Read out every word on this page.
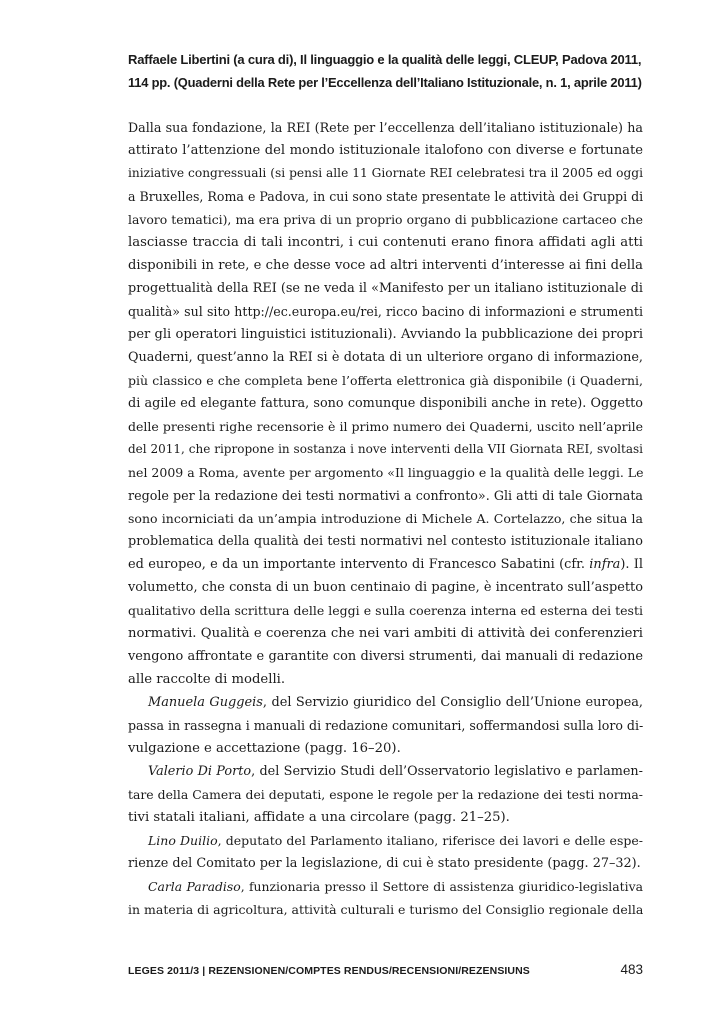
Raffaele Libertini (a cura di), Il linguaggio e la qualità delle leggi, CLEUP, Padova 2011,
114 pp. (Quaderni della Rete per l’Eccellenza dell’Italiano Istituzionale, n. 1, aprile 2011)
Dalla sua fondazione, la REI (Rete per l’eccellenza dell’italiano istituzionale) ha
attirato l’attenzione del mondo istituzionale italofono con diverse e fortunate
iniziative congressuali (si pensi alle 11 Giornate REI celebratesi tra il 2005 ed oggi
a Bruxelles, Roma e Padova, in cui sono state presentate le attività dei Gruppi di
lavoro tematici), ma era priva di un proprio organo di pubblicazione cartaceo che
lasciasse traccia di tali incontri, i cui contenuti erano finora affidati agli atti
disponibili in rete, e che desse voce ad altri interventi d’interesse ai fini della
progettualità della REI (se ne veda il «Manifesto per un italiano istituzionale di
qualità» sul sito http://ec.europa.eu/rei, ricco bacino di informazioni e strumenti
per gli operatori linguistici istituzionali). Avviando la pubblicazione dei propri
Quaderni, quest’anno la REI si è dotata di un ulteriore organo di informazione,
più classico e che completa bene l’offerta elettronica già disponibile (i Quaderni,
di agile ed elegante fattura, sono comunque disponibili anche in rete). Oggetto
delle presenti righe recensorie è il primo numero dei Quaderni, uscito nell’aprile
del 2011, che ripropone in sostanza i nove interventi della VII Giornata REI, svoltasi
nel 2009 a Roma, avente per argomento «Il linguaggio e la qualità delle leggi. Le
regole per la redazione dei testi normativi a confronto». Gli atti di tale Giornata
sono incorniciati da un’ampia introduzione di Michele A. Cortelazzo, che situa la
problematica della qualità dei testi normativi nel contesto istituzionale italiano
ed europeo, e da un importante intervento di Francesco Sabatini (cfr. infra). Il
volumetto, che consta di un buon centinaio di pagine, è incentrato sull’aspetto
qualitativo della scrittura delle leggi e sulla coerenza interna ed esterna dei testi
normativi. Qualità e coerenza che nei vari ambiti di attività dei conferenzieri
vengono affrontate e garantite con diversi strumenti, dai manuali di redazione
alle raccolte di modelli.
Manuela Guggeis, del Servizio giuridico del Consiglio dell’Unione europea,
passa in rassegna i manuali di redazione comunitari, soffermandosi sulla loro di-
vulgazione e accettazione (pagg. 16–20).
Valerio Di Porto, del Servizio Studi dell’Osservatorio legislativo e parlamen-
tare della Camera dei deputati, espone le regole per la redazione dei testi norma-
tivi statali italiani, affidate a una circolare (pagg. 21–25).
Lino Duilio, deputato del Parlamento italiano, riferisce dei lavori e delle espe-
rienze del Comitato per la legislazione, di cui è stato presidente (pagg. 27–32).
Carla Paradiso, funzionaria presso il Settore di assistenza giuridico-legislativa
in materia di agricoltura, attività culturali e turismo del Consiglio regionale della
LEGES 2011/3 | REZENSIONEN/COMPTES RENDUS/RECENSIONI/REZENSIUNS	483
